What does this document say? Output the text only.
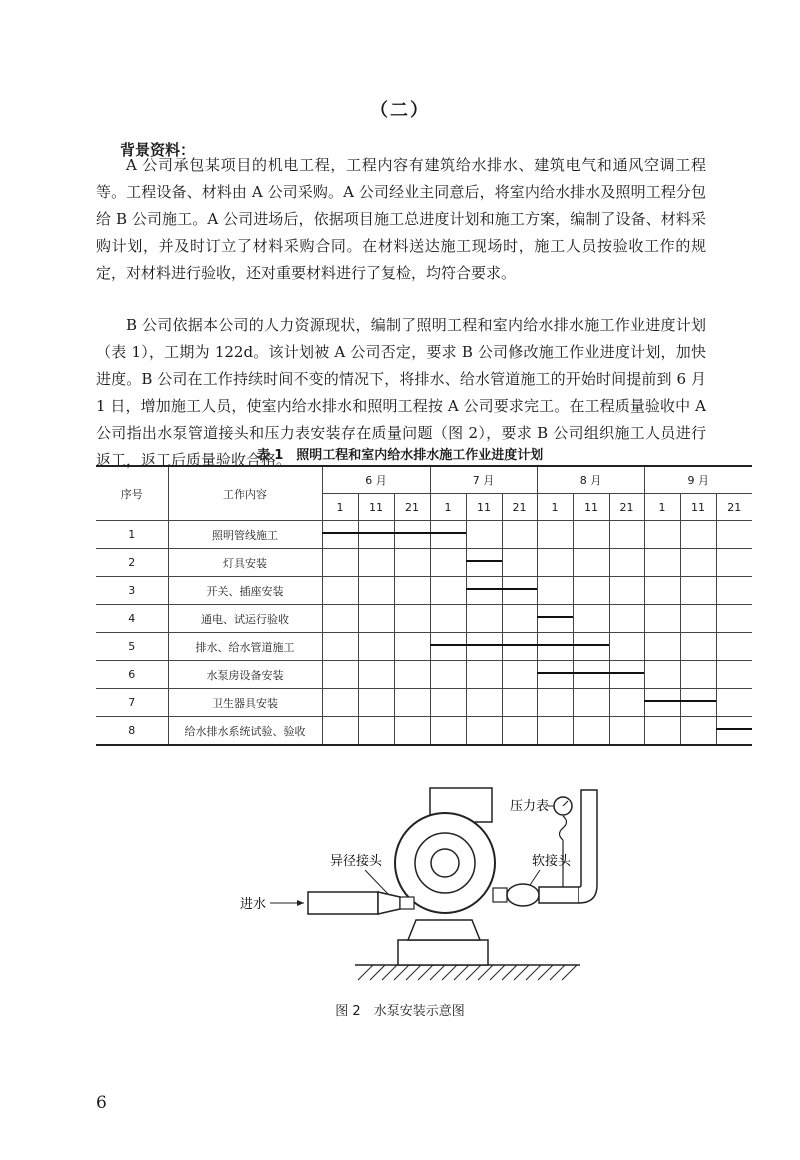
（二）
背景资料：

A 公司承包某项目的机电工程，工程内容有建筑给水排水、建筑电气和通风空调工程等。工程设备、材料由 A 公司采购。A 公司经业主同意后，将室内给水排水及照明工程分包给 B 公司施工。A 公司进场后，依据项目施工总进度计划和施工方案，编制了设备、材料采购计划，并及时订立了材料采购合同。在材料送达施工现场时，施工人员按验收工作的规定，对材料进行验收，还对重要材料进行了复检，均符合要求。

B 公司依据本公司的人力资源现状，编制了照明工程和室内给水排水施工作业进度计划（表 1），工期为 122d。该计划被 A 公司否定，要求 B 公司修改施工作业进度计划，加快进度。B 公司在工作持续时间不变的情况下，将排水、给水管道施工的开始时间提前到 6 月 1 日，增加施工人员，使室内给水排水和照明工程按 A 公司要求完工。在工程质量验收中 A 公司指出水泵管道接头和压力表安装存在质量问题（图 2），要求 B 公司组织施工人员进行返工，返工后质量验收合格。

表 1　照明工程和室内给水排水施工作业进度计划
序号	工作内容	6 月			7 月			8 月			9 月		
		1	11	21	1	11	21	1	11	21	1	11	21
1	照明管线施工												
2	灯具安装												
3	开关、插座安装												
4	通电、试运行验收												
5	排水、给水管道施工												
6	水泵房设备安装												
7	卫生器具安装												
8	给水排水系统试验、验收												
进水
异径接头	软接头
压力表
图 2　水泵安装示意图
6
